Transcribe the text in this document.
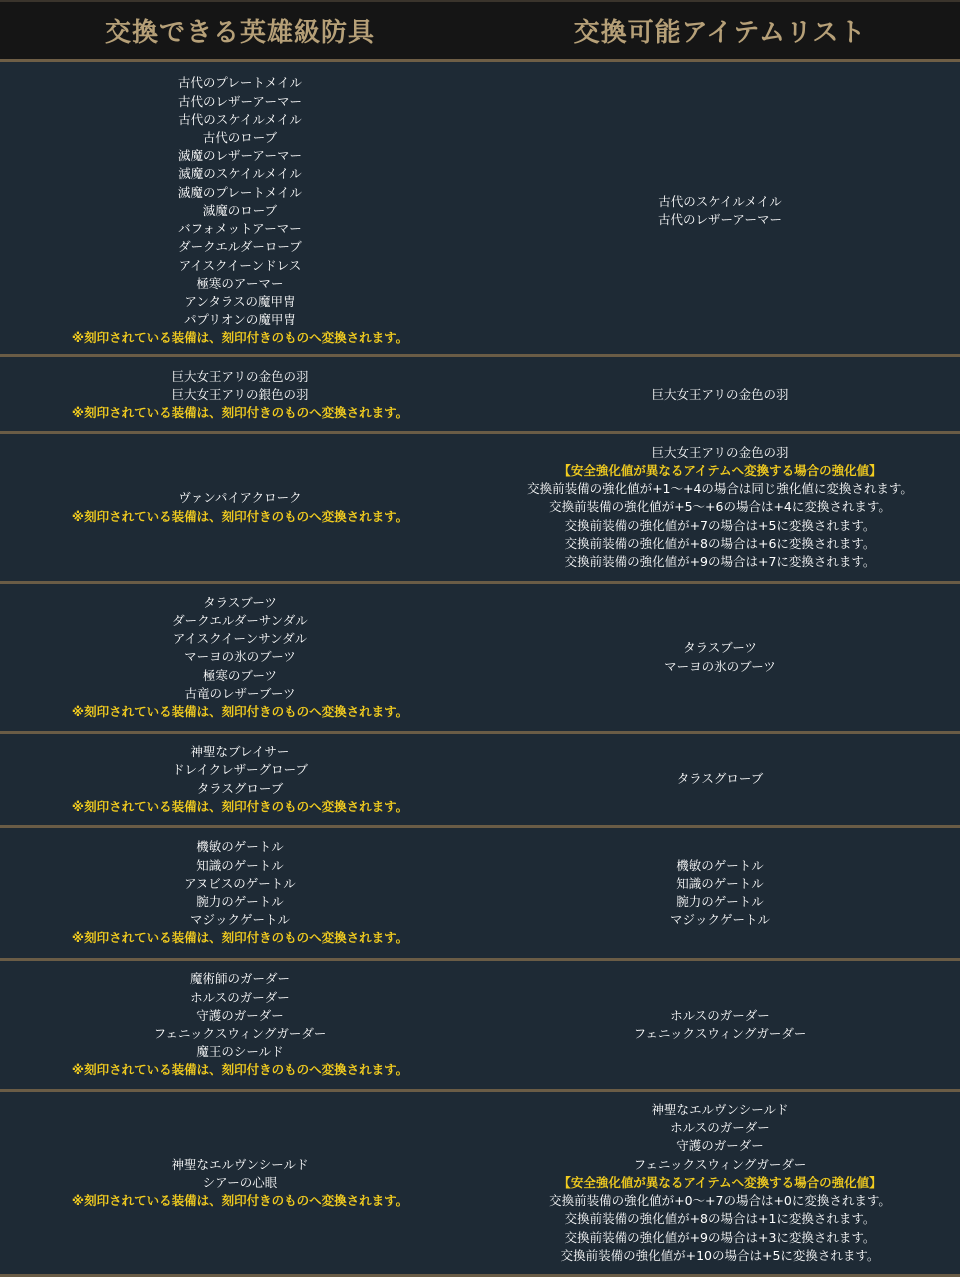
交換できる英雄級防具	交換可能アイテムリスト
古代のプレートメイル
古代のレザーアーマー
古代のスケイルメイル
古代のローブ
滅魔のレザーアーマー
滅魔のスケイルメイル
滅魔のプレートメイル
滅魔のローブ
バフォメットアーマー
ダークエルダーローブ
アイスクイーンドレス
極寒のアーマー
アンタラスの魔甲冑
パプリオンの魔甲冑
※刻印されている装備は、刻印付きのものへ変換されます。
古代のスケイルメイル
古代のレザーアーマー
巨大女王アリの金色の羽
巨大女王アリの銀色の羽
※刻印されている装備は、刻印付きのものへ変換されます。
巨大女王アリの金色の羽
ヴァンパイアクローク
※刻印されている装備は、刻印付きのものへ変換されます。
巨大女王アリの金色の羽
【安全強化値が異なるアイテムへ変換する場合の強化値】
交換前装備の強化値が+1～+4の場合は同じ強化値に変換されます。
交換前装備の強化値が+5～+6の場合は+4に変換されます。
交換前装備の強化値が+7の場合は+5に変換されます。
交換前装備の強化値が+8の場合は+6に変換されます。
交換前装備の強化値が+9の場合は+7に変換されます。
タラスブーツ
ダークエルダーサンダル
アイスクイーンサンダル
マーヨの氷のブーツ
極寒のブーツ
古竜のレザーブーツ
※刻印されている装備は、刻印付きのものへ変換されます。
タラスブーツ
マーヨの氷のブーツ
神聖なブレイサー
ドレイクレザーグローブ
タラスグローブ
※刻印されている装備は、刻印付きのものへ変換されます。
タラスグローブ
機敏のゲートル
知識のゲートル
アヌビスのゲートル
腕力のゲートル
マジックゲートル
※刻印されている装備は、刻印付きのものへ変換されます。
機敏のゲートル
知識のゲートル
腕力のゲートル
マジックゲートル
魔術師のガーダー
ホルスのガーダー
守護のガーダー
フェニックスウィングガーダー
魔王のシールド
※刻印されている装備は、刻印付きのものへ変換されます。
ホルスのガーダー
フェニックスウィングガーダー
神聖なエルヴンシールド
シアーの心眼
※刻印されている装備は、刻印付きのものへ変換されます。
神聖なエルヴンシールド
ホルスのガーダー
守護のガーダー
フェニックスウィングガーダー
【安全強化値が異なるアイテムへ変換する場合の強化値】
交換前装備の強化値が+0～+7の場合は+0に変換されます。
交換前装備の強化値が+8の場合は+1に変換されます。
交換前装備の強化値が+9の場合は+3に変換されます。
交換前装備の強化値が+10の場合は+5に変換されます。
